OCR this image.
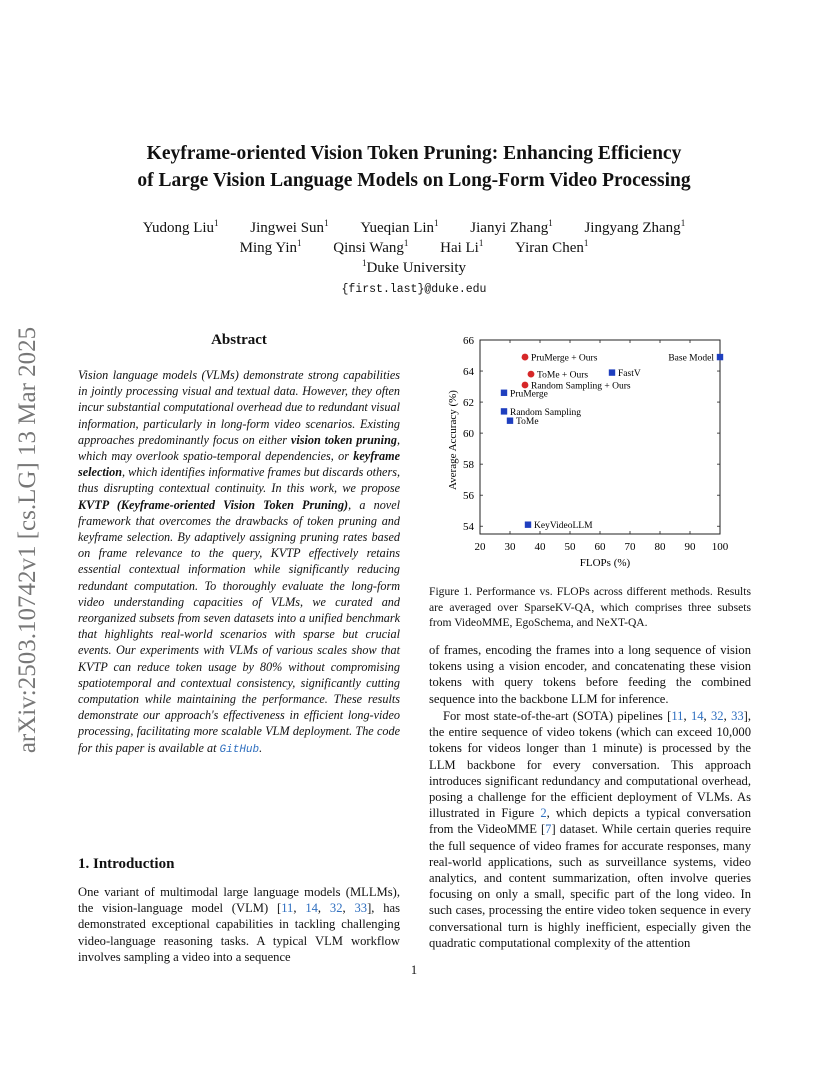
arXiv:2503.10742v1 [cs.LG] 13 Mar 2025
Keyframe-oriented Vision Token Pruning: Enhancing Efficiency
of Large Vision Language Models on Long-Form Video Processing
Yudong Liu$^1$ Jingwei Sun$^1$ Yueqian Lin$^1$ Jianyi Zhang$^1$ Jingyang Zhang$^1$
Ming Yin$^1$ Qinsi Wang$^1$ Hai Li$^1$ Yiran Chen$^1$
$^1$Duke University
{first.last}@duke.edu
Abstract
Vision language models (VLMs) demonstrate strong capabilities in jointly processing visual and textual data. However, they often incur substantial computational overhead due to redundant visual information, particularly in long-form video scenarios. Existing approaches predominantly focus on either vision token pruning, which may overlook spatio-temporal dependencies, or keyframe selection, which identifies informative frames but discards others, thus disrupting contextual continuity. In this work, we propose KVTP (Keyframe-oriented Vision Token Pruning), a novel framework that overcomes the drawbacks of token pruning and keyframe selection. By adaptively assigning pruning rates based on frame relevance to the query, KVTP effectively retains essential contextual information while significantly reducing redundant computation. To thoroughly evaluate the long-form video understanding capacities of VLMs, we curated and reorganized subsets from seven datasets into a unified benchmark that highlights real-world scenarios with sparse but crucial events. Our experiments with VLMs of various scales show that KVTP can reduce token usage by 80% without compromising spatiotemporal and contextual consistency, significantly cutting computation while maintaining the performance. These results demonstrate our approach's effectiveness in efficient long-video processing, facilitating more scalable VLM deployment. The code for this paper is available at GitHub.
1. Introduction
One variant of multimodal large language models (MLLMs), the vision-language model (VLM) [11, 14, 32, 33], has demonstrated exceptional capabilities in tackling challenging video-language reasoning tasks. A typical VLM workflow involves sampling a video into a sequence
20 30 40 50 60 70 80 90 100
54
56
58
60
62
64
66
PruMerge + Ours
ToMe + Ours
Random Sampling + Ours
FastV
Base Model
PruMerge
Random Sampling
ToMe
KeyVideoLLM
FLOPs (%)
Average Accuracy (%)
Figure 1. Performance vs. FLOPs across different methods. Results are averaged over SparseKV-QA, which comprises three subsets from VideoMME, EgoSchema, and NeXT-QA.
of frames, encoding the frames into a long sequence of vision tokens using a vision encoder, and concatenating these vision tokens with query tokens before feeding the combined sequence into the backbone LLM for inference.
For most state-of-the-art (SOTA) pipelines [11, 14, 32, 33], the entire sequence of video tokens (which can exceed 10,000 tokens for videos longer than 1 minute) is processed by the LLM backbone for every conversation. This approach introduces significant redundancy and computational overhead, posing a challenge for the efficient deployment of VLMs. As illustrated in Figure 2, which depicts a typical conversation from the VideoMME [7] dataset. While certain queries require the full sequence of video frames for accurate responses, many real-world applications, such as surveillance systems, video analytics, and content summarization, often involve queries focusing on only a small, specific part of the long video. In such cases, processing the entire video token sequence in every conversational turn is highly inefficient, especially given the quadratic computational complexity of the attention
1
